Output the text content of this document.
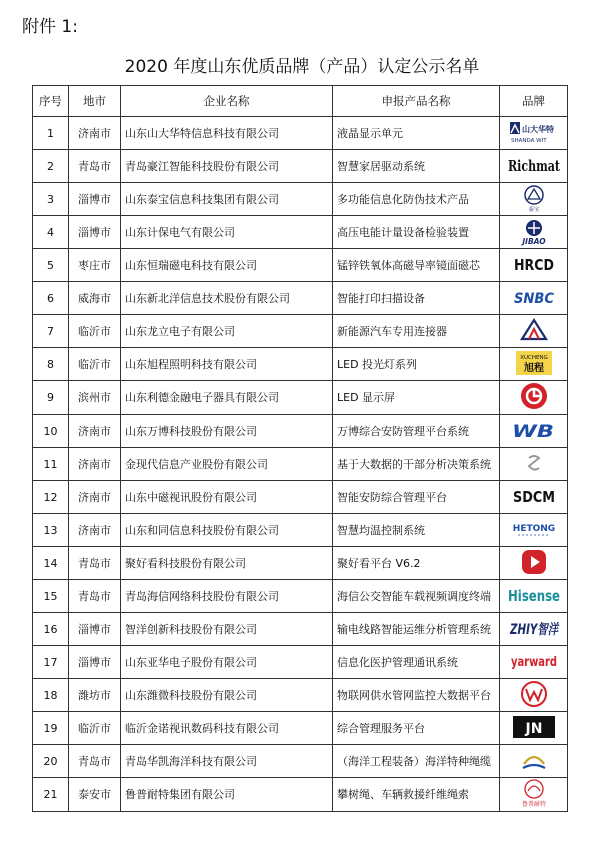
附件 1:
2020 年度山东优质品牌（产品）认定公示名单
序号	地市	企业名称	申报产品名称	品牌
1	济南市	山东山大华特信息科技有限公司	液晶显示单元	山大华特
SHANDA WIT

2	青岛市	青岛豪江智能科技股份有限公司	智慧家居驱动系统	Richmat

3	淄博市	山东泰宝信息科技集团有限公司	多功能信息化防伪技术产品	泰宝

4	淄博市	山东计保电气有限公司	高压电能计量设备检验装置	JIBAO

5	枣庄市	山东恒瑞磁电科技有限公司	锰锌铁氧体高磁导率镜面磁芯	HRCD

6	威海市	山东新北洋信息技术股份有限公司	智能打印扫描设备	SNBC

7	临沂市	山东龙立电子有限公司	新能源汽车专用连接器	
8	临沂市	山东旭程照明科技有限公司	LED 投光灯系列	XUCHENG
旭程

9	滨州市	山东利德金融电子器具有限公司	LED 显示屏	
10	济南市	山东万博科技股份有限公司	万博综合安防管理平台系统	WB

11	济南市	金现代信息产业股份有限公司	基于大数据的干部分析决策系统	
12	济南市	山东中磁视讯股份有限公司	智能安防综合管理平台	SDCM

13	济南市	山东和同信息科技股份有限公司	智慧均温控制系统	HETONG

14	青岛市	聚好看科技股份有限公司	聚好看平台 V6.2	
15	青岛市	青岛海信网络科技股份有限公司	海信公交智能车载视频调度终端	Hisense

16	淄博市	智洋创新科技股份有限公司	输电线路智能运维分析管理系统	ZHIY智洋

17	淄博市	山东亚华电子股份有限公司	信息化医护管理通讯系统	yarward

18	潍坊市	山东潍微科技股份有限公司	物联网供水管网监控大数据平台	
19	临沂市	临沂金诺视讯数码科技有限公司	综合管理服务平台	JN

20	青岛市	青岛华凯海洋科技有限公司	（海洋工程装备）海洋特种绳缆	
21	泰安市	鲁普耐特集团有限公司	攀树绳、车辆救援纤维绳索	鲁普耐特
